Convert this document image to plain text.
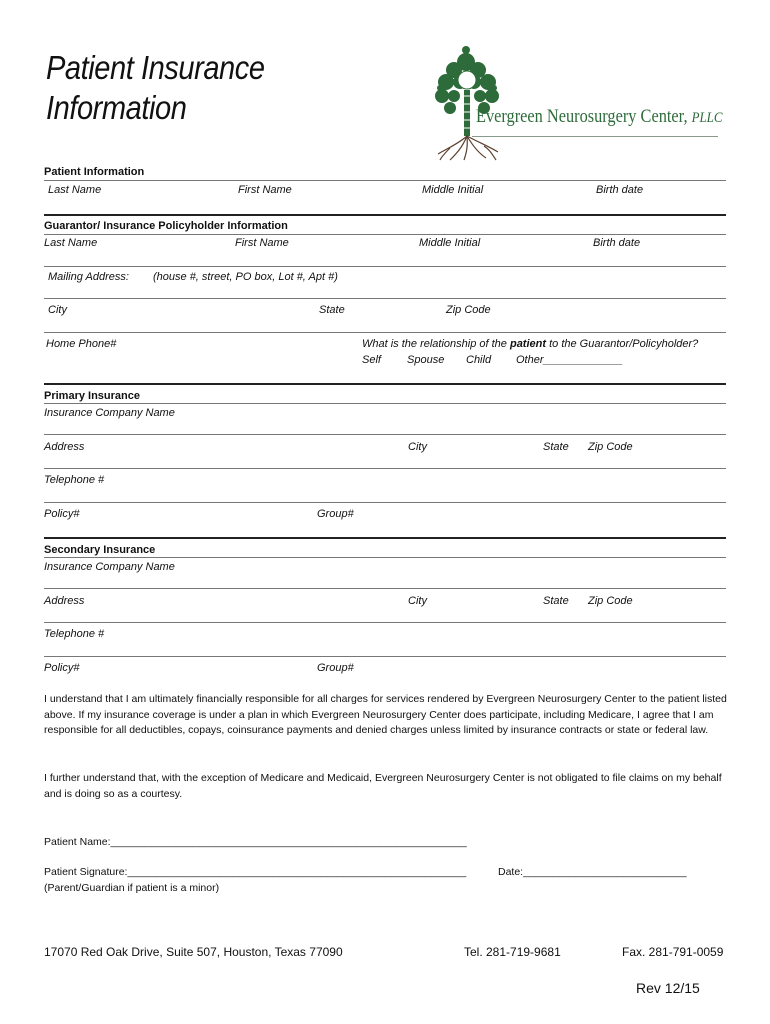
Patient Insurance
Information	Evergreen Neurosurgery Center, PLLC
Patient Information
Last Name	First Name	Middle Initial	Birth date
Guarantor/ Insurance Policyholder Information
Last Name	First Name	Middle Initial	Birth date
Mailing Address: (house #, street, PO box, Lot #, Apt #)
City	State	Zip Code
Home Phone#	What is the relationship of the patient to the Guarantor/Policyholder?
Self Spouse Child Other_____________
Primary Insurance
Insurance Company Name
Address	City	State Zip Code
Telephone #
Policy#	Group#
Secondary Insurance
Insurance Company Name
Address	City	State Zip Code
Telephone #
Policy#	Group#
I understand that I am ultimately financially responsible for all charges for services rendered by Evergreen Neurosurgery Center to the patient listed above. If my insurance coverage is under a plan in which Evergreen Neurosurgery Center does participate, including Medicare, I agree that I am responsible for all deductibles, copays, coinsurance payments and denied charges unless limited by insurance contracts or state or federal law.
I further understand that, with the exception of Medicare and Medicaid, Evergreen Neurosurgery Center is not obligated to file claims on my behalf and is doing so as a courtesy.
Patient Name:_____________________________________________________________
Patient Signature:__________________________________________________________	Date:____________________________
(Parent/Guardian if patient is a minor)
17070 Red Oak Drive, Suite 507, Houston, Texas 77090	Tel. 281-719-9681	Fax. 281-791-0059
Rev 12/15
